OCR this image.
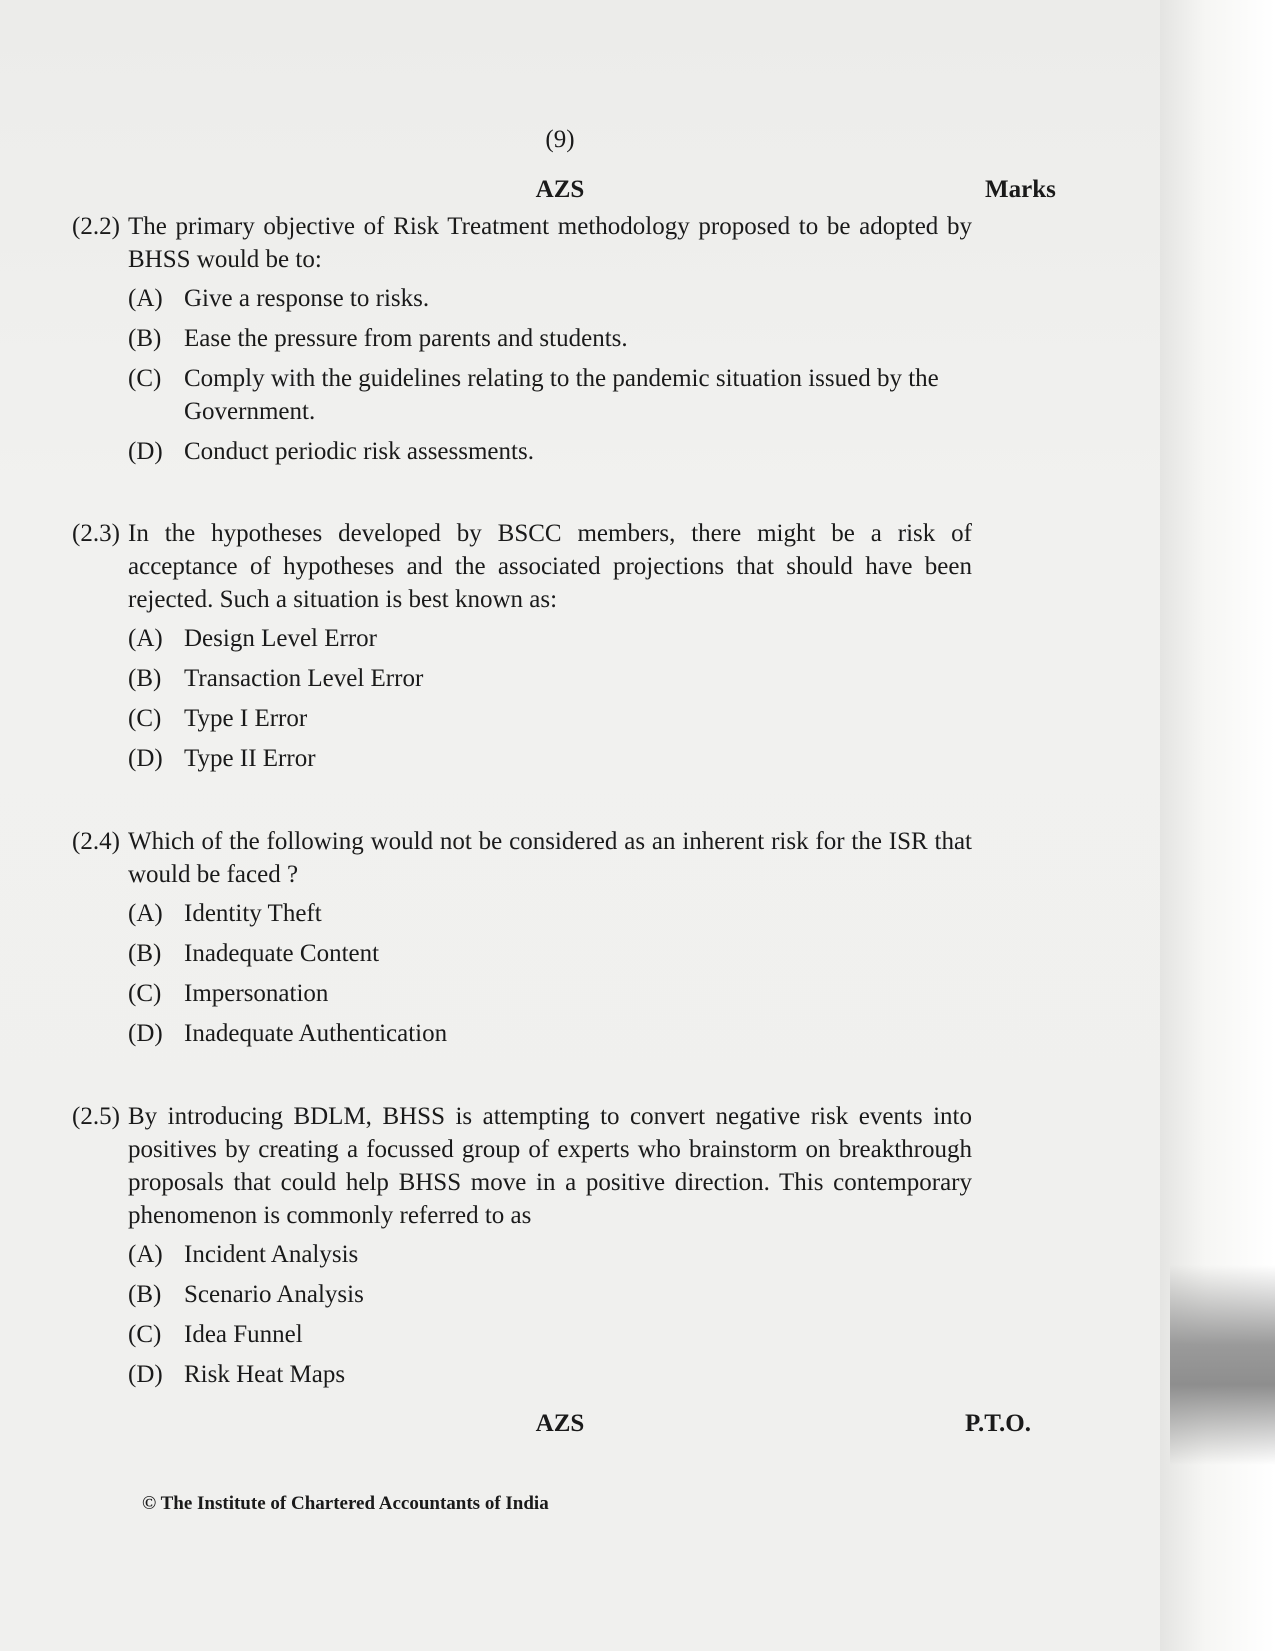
(9)
AZS	Marks
(2.2) The primary objective of Risk Treatment methodology proposed to be adopted by BHSS would be to:
(A) Give a response to risks.
(B) Ease the pressure from parents and students.
(C) Comply with the guidelines relating to the pandemic situation issued by the Government.
(D) Conduct periodic risk assessments.
(2.3) In the hypotheses developed by BSCC members, there might be a risk of acceptance of hypotheses and the associated projections that should have been rejected. Such a situation is best known as:
(A) Design Level Error
(B) Transaction Level Error
(C) Type I Error
(D) Type II Error
(2.4) Which of the following would not be considered as an inherent risk for the ISR that would be faced ?
(A) Identity Theft
(B) Inadequate Content
(C) Impersonation
(D) Inadequate Authentication
(2.5) By introducing BDLM, BHSS is attempting to convert negative risk events into positives by creating a focussed group of experts who brainstorm on breakthrough proposals that could help BHSS move in a positive direction. This contemporary phenomenon is commonly referred to as
(A) Incident Analysis
(B) Scenario Analysis
(C) Idea Funnel
(D) Risk Heat Maps
AZS	P.T.O.
© The Institute of Chartered Accountants of India
